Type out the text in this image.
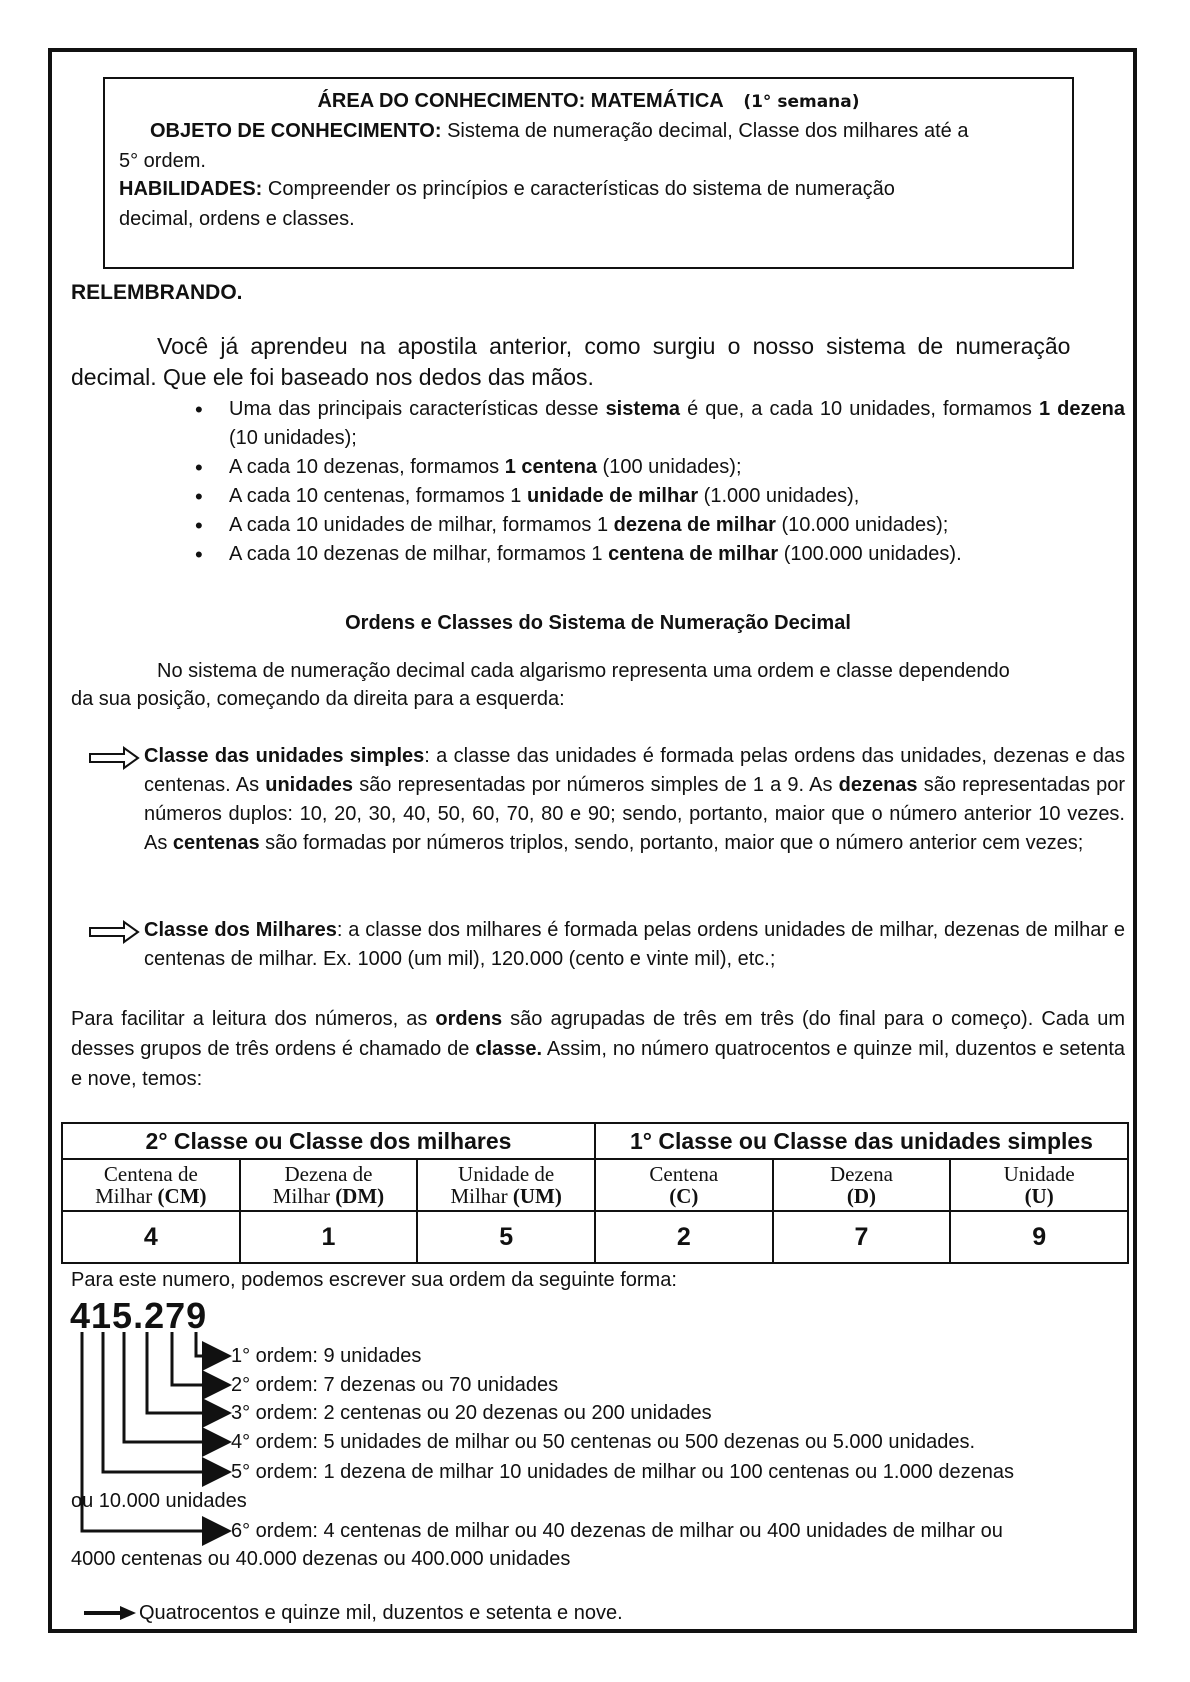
ÁREA DO CONHECIMENTO: MATEMÁTICA (1° semana)
OBJETO DE CONHECIMENTO: Sistema de numeração decimal, Classe dos milhares até a
5° ordem.
HABILIDADES: Compreender os princípios e características do sistema de numeração
decimal, ordens e classes.
RELEMBRANDO.
Você já aprendeu na apostila anterior, como surgiu o nosso sistema de numeração
decimal. Que ele foi baseado nos dedos das mãos.
• Uma das principais características desse sistema é que, a cada 10 unidades, formamos 1 dezena (10 unidades);
• A cada 10 dezenas, formamos 1 centena (100 unidades);
• A cada 10 centenas, formamos 1 unidade de milhar (1.000 unidades),
• A cada 10 unidades de milhar, formamos 1 dezena de milhar (10.000 unidades);
• A cada 10 dezenas de milhar, formamos 1 centena de milhar (100.000 unidades).
Ordens e Classes do Sistema de Numeração Decimal
No sistema de numeração decimal cada algarismo representa uma ordem e classe dependendo
da sua posição, começando da direita para a esquerda:
Classe das unidades simples: a classe das unidades é formada pelas ordens das unidades, dezenas e das centenas. As unidades são representadas por números simples de 1 a 9. As dezenas são representadas por números duplos: 10, 20, 30, 40, 50, 60, 70, 80 e 90; sendo, portanto, maior que o número anterior 10 vezes. As centenas são formadas por números triplos, sendo, portanto, maior que o número anterior cem vezes;
Classe dos Milhares: a classe dos milhares é formada pelas ordens unidades de milhar, dezenas de milhar e centenas de milhar. Ex. 1000 (um mil), 120.000 (cento e vinte mil), etc.;
Para facilitar a leitura dos números, as ordens são agrupadas de três em três (do final para o começo). Cada um desses grupos de três ordens é chamado de classe. Assim, no número quatrocentos e quinze mil, duzentos e setenta e nove, temos:
2° Classe ou Classe dos milhares			1° Classe ou Classe das unidades simples		
Centena de
Milhar (CM)	Dezena de
Milhar (DM)	Unidade de
Milhar (UM)	Centena
(C)	Dezena
(D)	Unidade
(U)
4	1	5	2	7	9
Para este numero, podemos escrever sua ordem da seguinte forma:
415.279
1° ordem: 9 unidades
2° ordem: 7 dezenas ou 70 unidades
3° ordem: 2 centenas ou 20 dezenas ou 200 unidades
4° ordem: 5 unidades de milhar ou 50 centenas ou 500 dezenas ou 5.000 unidades.
5° ordem: 1 dezena de milhar 10 unidades de milhar ou 100 centenas ou 1.000 dezenas
ou 10.000 unidades
6° ordem: 4 centenas de milhar ou 40 dezenas de milhar ou 400 unidades de milhar ou
4000 centenas ou 40.000 dezenas ou 400.000 unidades
Quatrocentos e quinze mil, duzentos e setenta e nove.
